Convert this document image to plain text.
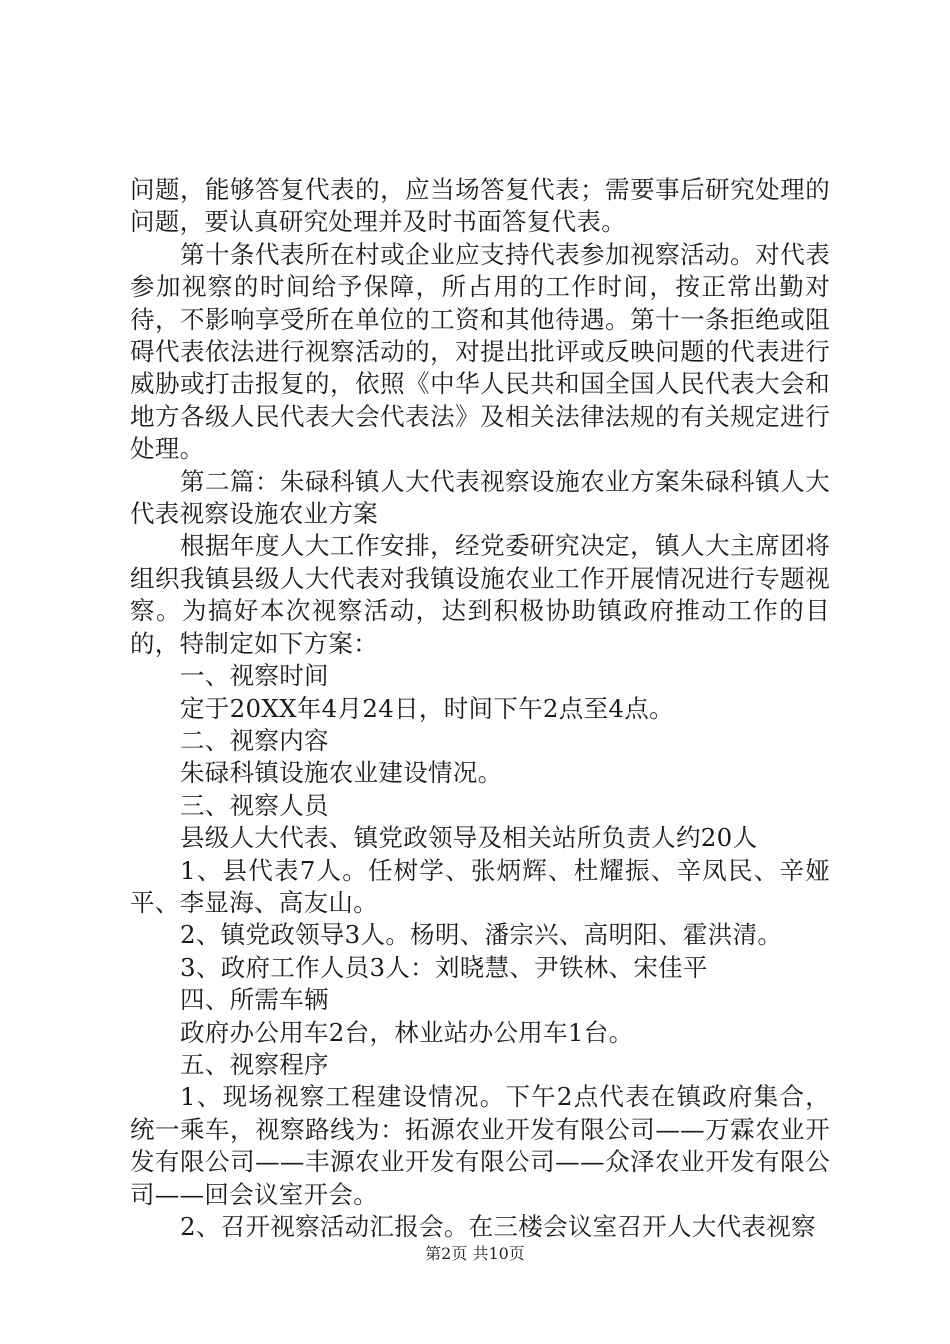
问题，能够答复代表的，应当场答复代表；需要事后研究处理的问题，要认真研究处理并及时书面答复代表。

第十条代表所在村或企业应支持代表参加视察活动。对代表参加视察的时间给予保障，所占用的工作时间，按正常出勤对待，不影响享受所在单位的工资和其他待遇。第十一条拒绝或阻碍代表依法进行视察活动的，对提出批评或反映问题的代表进行威胁或打击报复的，依照《中华人民共和国全国人民代表大会和地方各级人民代表大会代表法》及相关法律法规的有关规定进行处理。

第二篇：朱碌科镇人大代表视察设施农业方案朱碌科镇人大代表视察设施农业方案

根据年度人大工作安排，经党委研究决定，镇人大主席团将组织我镇县级人大代表对我镇设施农业工作开展情况进行专题视察。为搞好本次视察活动，达到积极协助镇政府推动工作的目的，特制定如下方案：

一、视察时间

定于20XX年4月24日，时间下午2点至4点。

二、视察内容

朱碌科镇设施农业建设情况。

三、视察人员

县级人大代表、镇党政领导及相关站所负责人约20人

1、县代表7人。任树学、张炳辉、杜耀振、辛凤民、辛娅平、李显海、高友山。

2、镇党政领导3人。杨明、潘宗兴、高明阳、霍洪清。

3、政府工作人员3人：刘晓慧、尹铁林、宋佳平

四、所需车辆

政府办公用车2台，林业站办公用车1台。

五、视察程序

1、现场视察工程建设情况。下午2点代表在镇政府集合，统一乘车，视察路线为：拓源农业开发有限公司——万霖农业开发有限公司——丰源农业开发有限公司——众泽农业开发有限公司——回会议室开会。

2、召开视察活动汇报会。在三楼会议室召开人大代表视察

第2页 共10页
